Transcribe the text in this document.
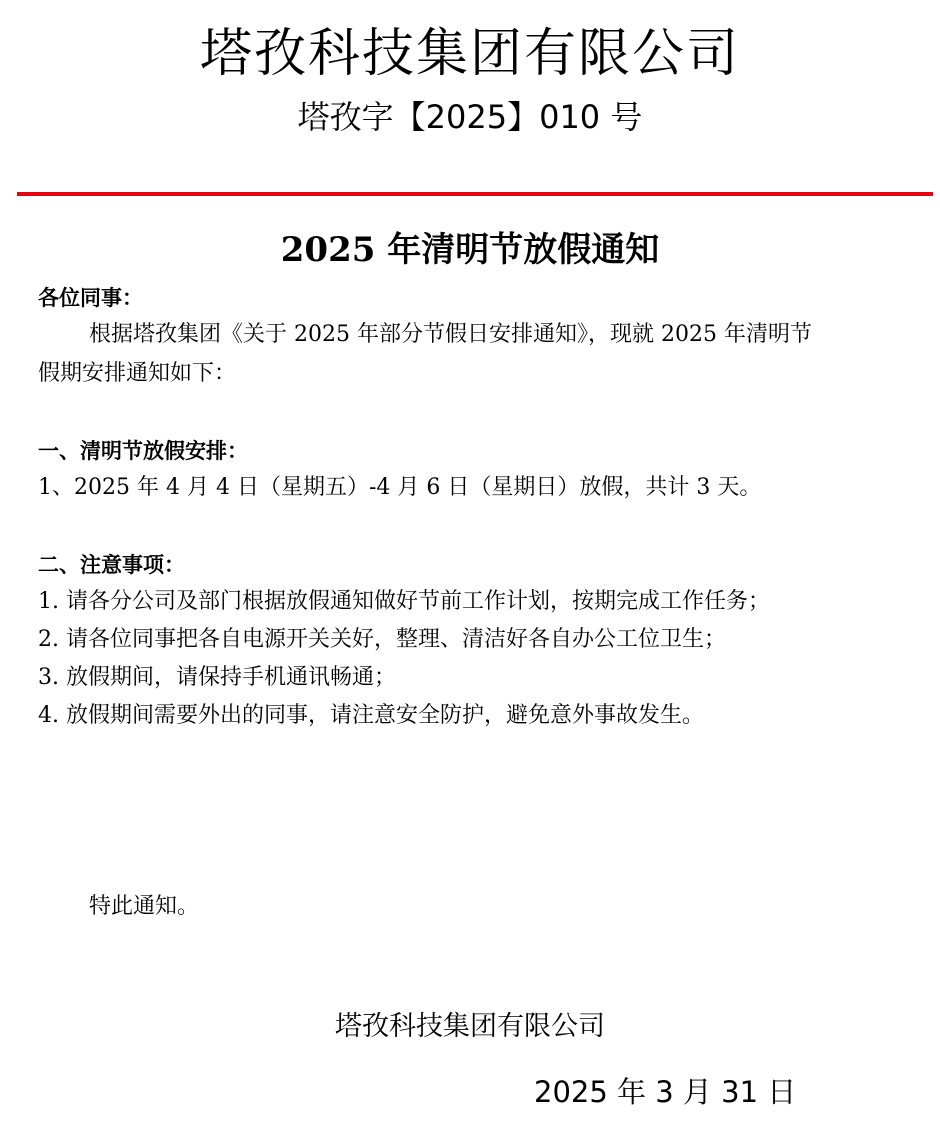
塔孜科技集团有限公司
塔孜字【2025】010 号
2025 年清明节放假通知
各位同事：
根据塔孜集团《关于 2025 年部分节假日安排通知》，现就 2025 年清明节
假期安排通知如下：
一、清明节放假安排：
1、2025 年 4 月 4 日（星期五）-4 月 6 日（星期日）放假，共计 3 天。
二、注意事项：
1. 请各分公司及部门根据放假通知做好节前工作计划，按期完成工作任务；
2. 请各位同事把各自电源开关关好，整理、清洁好各自办公工位卫生；
3. 放假期间，请保持手机通讯畅通；
4. 放假期间需要外出的同事，请注意安全防护，避免意外事故发生。
特此通知。
塔孜科技集团有限公司
2025 年 3 月 31 日
